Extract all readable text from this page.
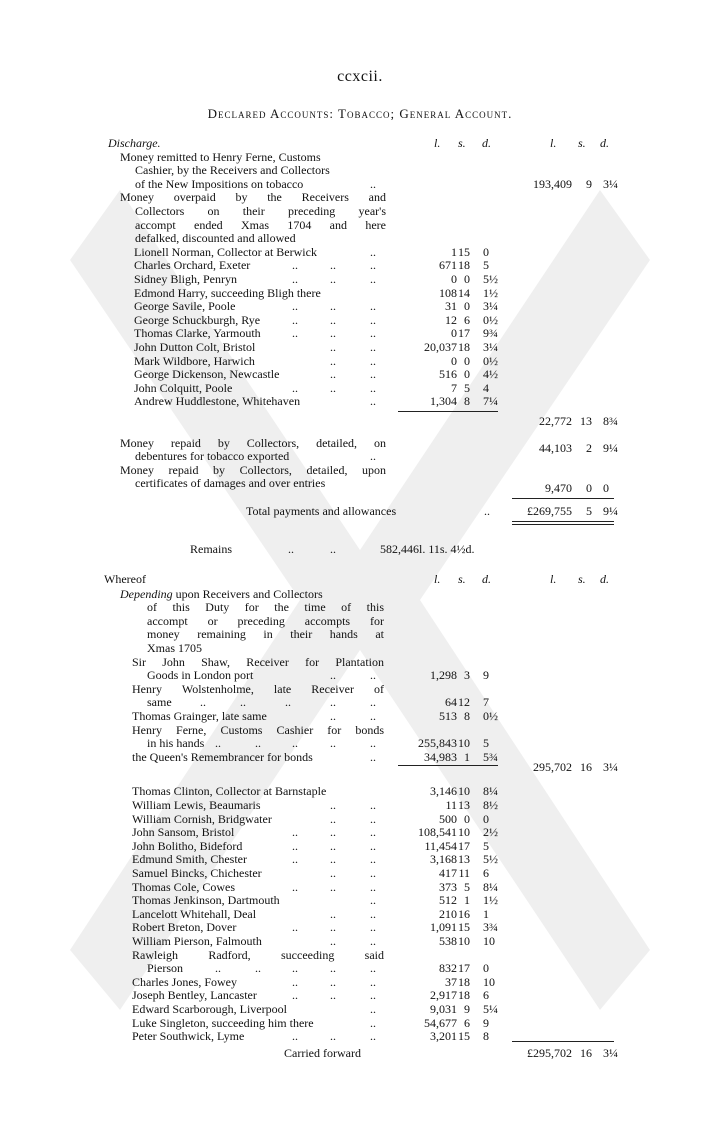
ccxcii.
Declared Accounts: Tobacco; General Account.
Discharge.	l. s. d.	l. s. d.
Money remitted to Henry Ferne, Customs
Cashier, by the Receivers and Collectors
of the New Impositions on tobacco	..	193,409	9 3¼
Money overpaid by the Receivers and
Collectors on their preceding year's
accompt ended Xmas 1704 and here
defalked, discounted and allowed
Lionell Norman, Collector at Berwick	1 15 0
Charles Orchard, Exeter	671 18 5
Sidney Bligh, Penryn	0 0 5½
Edmond Harry, succeeding Bligh there	108 14 1½
George Savile, Poole	31 0 3¼
George Schuckburgh, Rye	12 6 0½
Thomas Clarke, Yarmouth	0 17 9¾
John Dutton Colt, Bristol	20,037 18 3¼
Mark Wildbore, Harwich	0 0 0½
George Dickenson, Newcastle	516 0 4½
John Colquitt, Poole	7 5 4
Andrew Huddlestone, Whitehaven	1,304 8 7¼
..
..	..	..
..	..	..
..	..	..
..	..	..
..	..	..
..	..
..	..
..	..
..	..	..
..
22,772 13 8¾
Money repaid by Collectors, detailed, on	44,103	2 9¼
debentures for tobacco exported	..
Money repaid by Collectors, detailed, upon
certificates of damages and over entries	9,470	0 0
Total payments and allowances	..	£269,755	5 9¼
Remains	..	..	582,446l. 11s. 4½d.
Whereof	l. s. d.	l. s. d.
Depending upon Receivers and Collectors
of this Duty for the time of this
accompt or preceding accompts for
money remaining in their hands at
Xmas 1705
Sir John Shaw, Receiver for Plantation
Goods in London port	..	..	1,298 3 9
Henry Wolstenholme, late Receiver of
same ..	..	..	..	..	64 12 7
Thomas Grainger, late same	..	..	513 8 0½
Henry Ferne, Customs Cashier for bonds
in his hands ..	..	..	..	..	255,843 10 5
the Queen's Remembrancer for bonds	..	34,983 1 5¾
295,702 16 3¼
Thomas Clinton, Collector at Barnstaple	3,146 10 8¼
William Lewis, Beaumaris	..	..	11 13 8½
William Cornish, Bridgwater	..	..	500 0 0
John Sansom, Bristol	..	..	..	108,541 10 2½
John Bolitho, Bideford	..	..	..	11,454 17 5
Edmund Smith, Chester	..	..	..	3,168 13 5½
Samuel Bincks, Chichester	..	..	417 11 6
Thomas Cole, Cowes	..	..	..	373 5 8¼
Thomas Jenkinson, Dartmouth	..	512 1 1½
Lancelott Whitehall, Deal	..	..	210 16 1
Robert Breton, Dover	..	..	..	1,091 15 3¾
William Pierson, Falmouth	..	..	538 10 10
Rawleigh Radford, succeeding said
Pierson	..	..	..	..	..	832 17 0
Charles Jones, Fowey	..	..	..	37 18 10
Joseph Bentley, Lancaster	..	..	..	2,917 18 6
Edward Scarborough, Liverpool	..	9,031 9 5¼
Luke Singleton, succeeding him there	..	54,677 6 9
Peter Southwick, Lyme	..	..	..	3,201 15 8
Carried forward	£295,702 16 3¼
